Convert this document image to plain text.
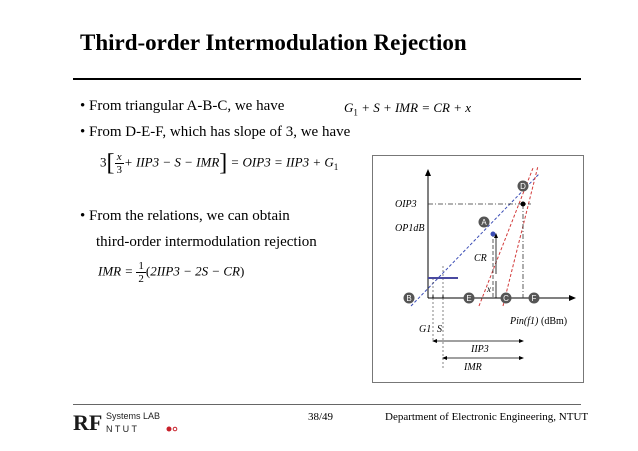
Third-order Intermodulation Rejection
• From triangular A-B-C, we have	$G_1 + S$ + IMR = CR + x
• From D-E-F, which has slope of 3, we have
$3[ \frac{x}{3} + IIP3 - S - IMR] = OIP3 = IIP3 + G_1$
• From the relations, we can obtain
third-order intermodulation rejection
IMR = $\frac{1}{2} (2IIP3 - 2S - CR)$
D
A
B	E	C	F
OIP3
OP1dB
CR
x
G1 S
Pin(f1) (dBm)
IIP3
IMR
RF Systems LAB
N T U T
38/49	Department of Electronic Engineering, NTUT
